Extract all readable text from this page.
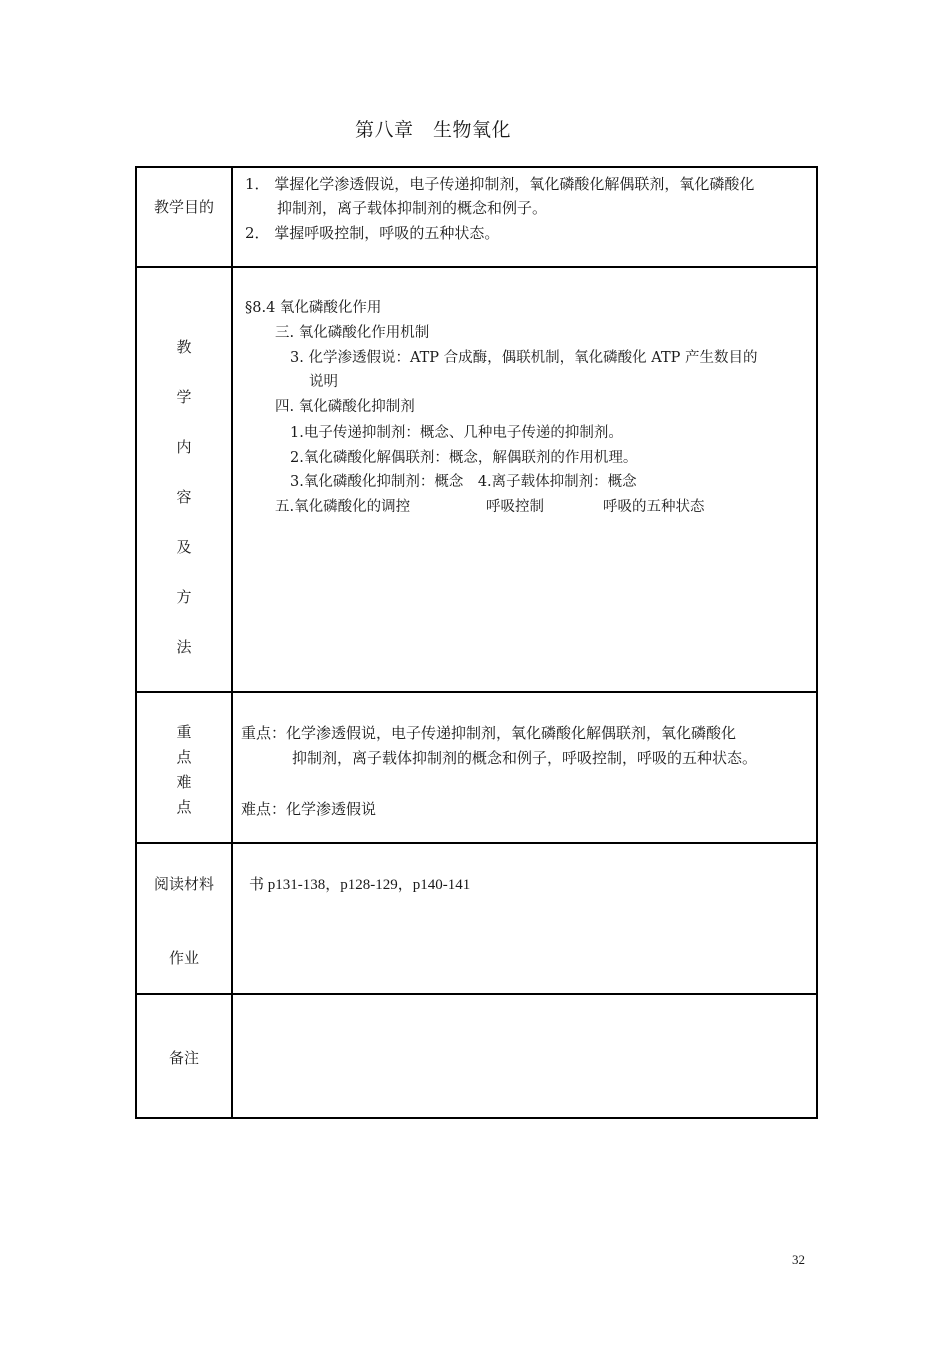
第八章　生物氧化
教学目的
1． 掌握化学渗透假说，电子传递抑制剂，氧化磷酸化解偶联剂，氧化磷酸化
抑制剂，离子载体抑制剂的概念和例子。
2． 掌握呼吸控制，呼吸的五种状态。
教
学
内
容
及
方
法
§8.4 氧化磷酸化作用
三. 氧化磷酸化作用机制
3. 化学渗透假说：ATP 合成酶，偶联机制，氧化磷酸化 ATP 产生数目的
说明
四. 氧化磷酸化抑制剂
1.电子传递抑制剂：概念、几种电子传递的抑制剂。
2.氧化磷酸化解偶联剂：概念，解偶联剂的作用机理。
3.氧化磷酸化抑制剂：概念　4.离子载体抑制剂：概念
五.氧化磷酸化的调控	呼吸控制	呼吸的五种状态
重
点
难
点
重点：化学渗透假说，电子传递抑制剂，氧化磷酸化解偶联剂，氧化磷酸化
抑制剂，离子载体抑制剂的概念和例子，呼吸控制，呼吸的五种状态。
难点：化学渗透假说
阅读材料
作业
书 p131-138，p128-129，p140-141
备注
32
